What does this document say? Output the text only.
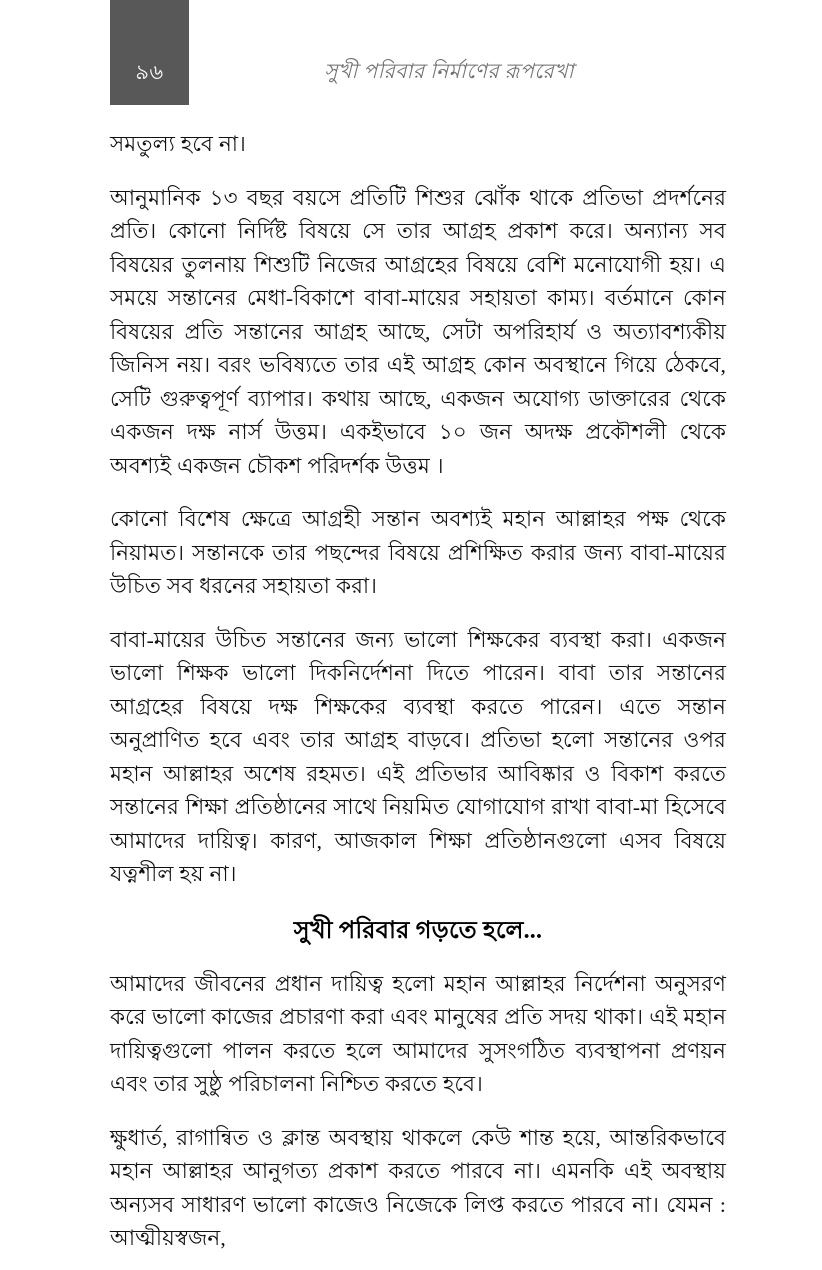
৯৬	সুখী পরিবার নির্মাণের রূপরেখা

সমতুল্য হবে না।

আনুমানিক ১৩ বছর বয়সে প্রতিটি শিশুর ঝোঁক থাকে প্রতিভা প্রদর্শনের প্রতি। কোনো নির্দিষ্ট বিষয়ে সে তার আগ্রহ প্রকাশ করে। অন্যান্য সব বিষয়ের তুলনায় শিশুটি নিজের আগ্রহের বিষয়ে বেশি মনোযোগী হয়। এ সময়ে সন্তানের মেধা-বিকাশে বাবা-মায়ের সহায়তা কাম্য। বর্তমানে কোন বিষয়ের প্রতি সন্তানের আগ্রহ আছে, সেটা অপরিহার্য ও অত্যাবশ্যকীয় জিনিস নয়। বরং ভবিষ্যতে তার এই আগ্রহ কোন অবস্থানে গিয়ে ঠেকবে, সেটি গুরুত্বপূর্ণ ব্যাপার। কথায় আছে, একজন অযোগ্য ডাক্তারের থেকে একজন দক্ষ নার্স উত্তম। একইভাবে ১০ জন অদক্ষ প্রকৌশলী থেকে অবশ্যই একজন চৌকশ পরিদর্শক উত্তম ।

কোনো বিশেষ ক্ষেত্রে আগ্রহী সন্তান অবশ্যই মহান আল্লাহর পক্ষ থেকে নিয়ামত। সন্তানকে তার পছন্দের বিষয়ে প্রশিক্ষিত করার জন্য বাবা-মায়ের উচিত সব ধরনের সহায়তা করা।

বাবা-মায়ের উচিত সন্তানের জন্য ভালো শিক্ষকের ব্যবস্থা করা। একজন ভালো শিক্ষক ভালো দিকনির্দেশনা দিতে পারেন। বাবা তার সন্তানের আগ্রহের বিষয়ে দক্ষ শিক্ষকের ব্যবস্থা করতে পারেন। এতে সন্তান অনুপ্রাণিত হবে এবং তার আগ্রহ বাড়বে। প্রতিভা হলো সন্তানের ওপর মহান আল্লাহর অশেষ রহমত। এই প্রতিভার আবিষ্কার ও বিকাশ করতে সন্তানের শিক্ষা প্রতিষ্ঠানের সাথে নিয়মিত যোগাযোগ রাখা বাবা-মা হিসেবে আমাদের দায়িত্ব। কারণ, আজকাল শিক্ষা প্রতিষ্ঠানগুলো এসব বিষয়ে যত্নশীল হয় না।

সুখী পরিবার গড়তে হলে...

আমাদের জীবনের প্রধান দায়িত্ব হলো মহান আল্লাহর নির্দেশনা অনুসরণ করে ভালো কাজের প্রচারণা করা এবং মানুষের প্রতি সদয় থাকা। এই মহান দায়িত্বগুলো পালন করতে হলে আমাদের সুসংগঠিত ব্যবস্থাপনা প্রণয়ন এবং তার সুষ্ঠু পরিচালনা নিশ্চিত করতে হবে।

ক্ষুধার্ত, রাগান্বিত ও ক্লান্ত অবস্থায় থাকলে কেউ শান্ত হয়ে, আন্তরিকভাবে মহান আল্লাহর আনুগত্য প্রকাশ করতে পারবে না। এমনকি এই অবস্থায় অন্যসব সাধারণ ভালো কাজেও নিজেকে লিপ্ত করতে পারবে না। যেমন : আত্মীয়স্বজন,
